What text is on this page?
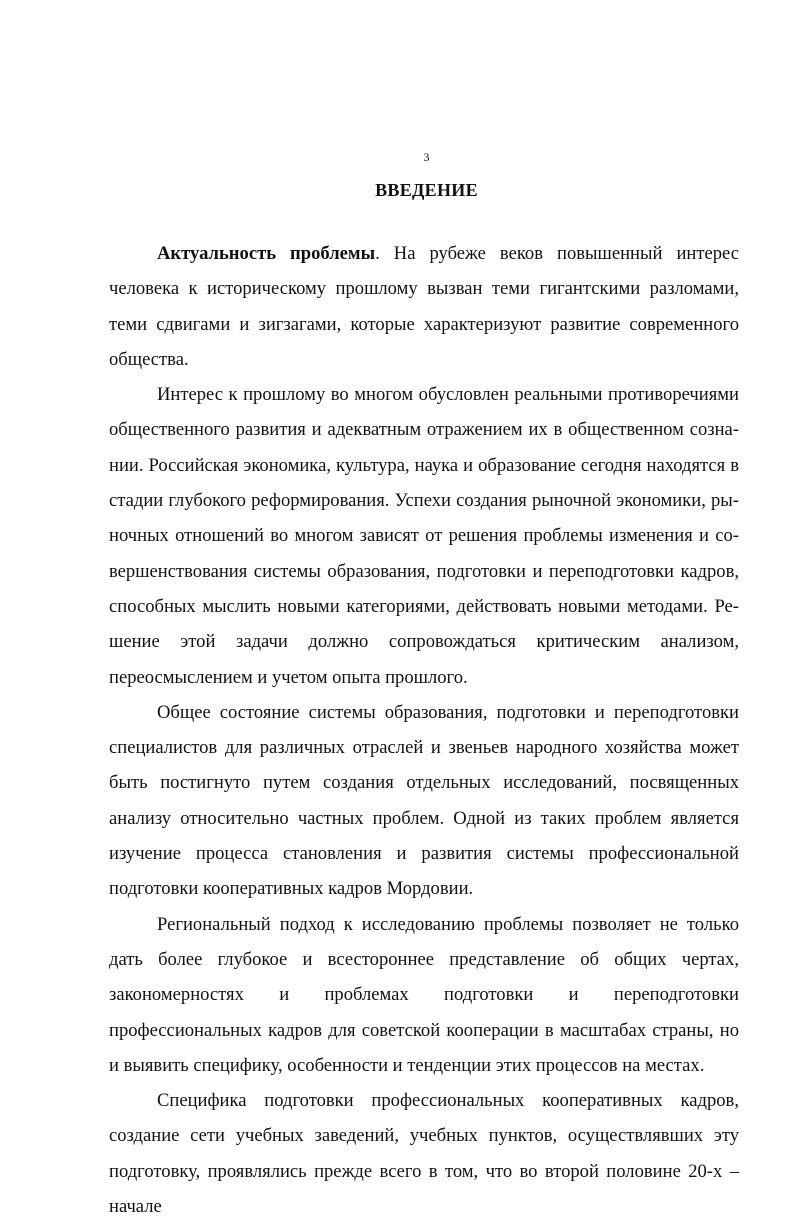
3
ВВЕДЕНИЕ

Актуальность проблемы. На рубеже веков повышенный интерес человека к историческому прошлому вызван теми гигантскими разломами, теми сдвигами и зигзагами, которые характеризуют развитие современного общества.

Интерес к прошлому во многом обусловлен реальными противоречиями общественного развития и адекватным отражением их в общественном сознании. Российская экономика, культура, наука и образование сегодня находятся в стадии глубокого реформирования. Успехи создания рыночной экономики, рыночных отношений во многом зависят от решения проблемы изменения и совершенствования системы образования, подготовки и переподготовки кадров, способных мыслить новыми категориями, действовать новыми методами. Решение этой задачи должно сопровождаться критическим анализом, переосмыслением и учетом опыта прошлого.

Общее состояние системы образования, подготовки и переподготовки специалистов для различных отраслей и звеньев народного хозяйства может быть постигнуто путем создания отдельных исследований, посвященных анализу относительно частных проблем. Одной из таких проблем является изучение процесса становления и развития системы профессиональной подготовки кооперативных кадров Мордовии.

Региональный подход к исследованию проблемы позволяет не только дать более глубокое и всестороннее представление об общих чертах, закономерностях и проблемах подготовки и переподготовки профессиональных кадров для советской кооперации в масштабах страны, но и выявить специфику, особенности и тенденции этих процессов на местах.

Специфика подготовки профессиональных кооперативных кадров, создание сети учебных заведений, учебных пунктов, осуществлявших эту подготовку, проявлялись прежде всего в том, что во второй половине 20-х – начале
